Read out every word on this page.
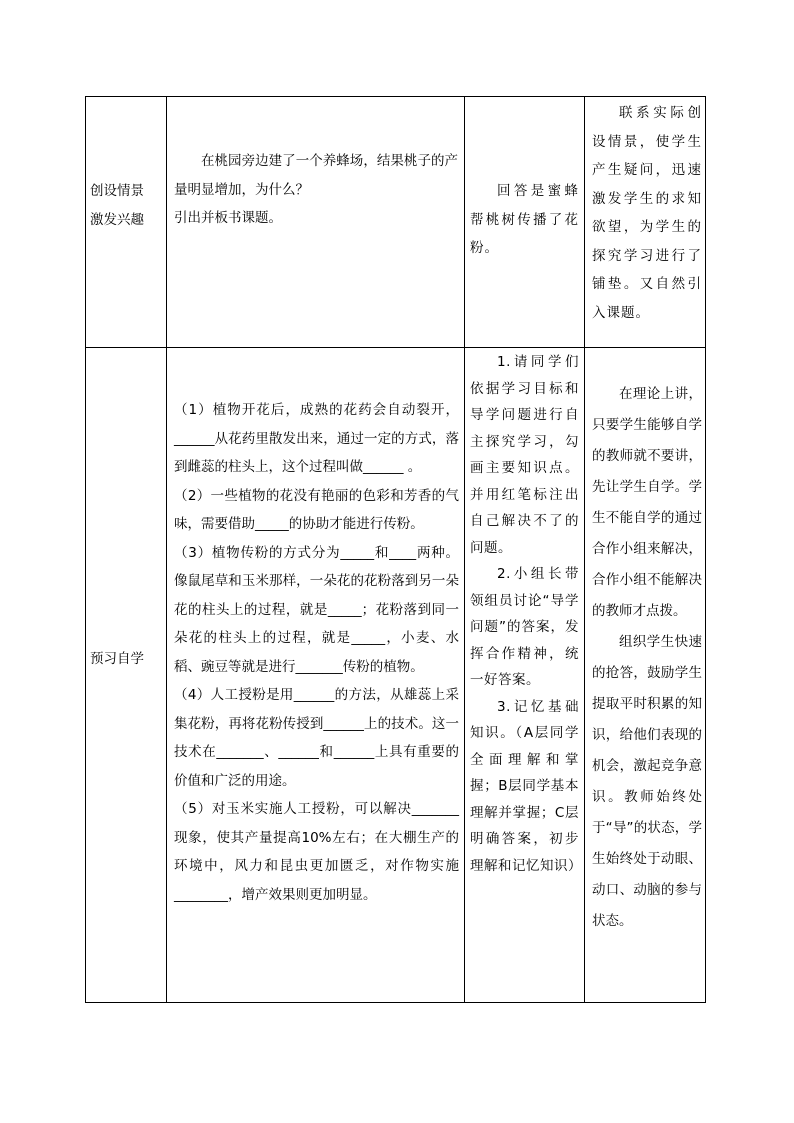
创设情景

激发兴趣

在桃园旁边建了一个养蜂场，结果桃子的产量明显增加，为什么？

引出并板书课题。

回答是蜜蜂帮桃树传播了花粉。

联系实际创设情景，使学生产生疑问，迅速激发学生的求知欲望，为学生的探究学习进行了铺垫。又自然引入课题。

预习自学

（1）植物开花后，成熟的花药会自动裂开，______从花药里散发出来，通过一定的方式，落到雌蕊的柱头上，这个过程叫做______ 。

（2）一些植物的花没有艳丽的色彩和芳香的气味，需要借助_____的协助才能进行传粉。

（3）植物传粉的方式分为_____和____两种。像鼠尾草和玉米那样，一朵花的花粉落到另一朵花的柱头上的过程，就是_____；花粉落到同一朵花的柱头上的过程，就是_____，小麦、水稻、豌豆等就是进行_______传粉的植物。

（4）人工授粉是用______的方法，从雄蕊上采集花粉，再将花粉传授到______上的技术。这一技术在_______、______和______上具有重要的价值和广泛的用途。

（5）对玉米实施人工授粉，可以解决_______现象，使其产量提高10%左右；在大棚生产的环境中，风力和昆虫更加匮乏，对作物实施________，增产效果则更加明显。

1.请同学们依据学习目标和导学问题进行自主探究学习，勾画主要知识点。并用红笔标注出自己解决不了的问题。

2.小组长带领组员讨论“导学问题”的答案，发挥合作精神，统一好答案。

3.记忆基础知识。（A层同学全面理解和掌握；B层同学基本理解并掌握；C层明确答案，初步理解和记忆知识）

在理论上讲，只要学生能够自学的教师就不要讲，先让学生自学。学生不能自学的通过合作小组来解决，合作小组不能解决的教师才点拨。

组织学生快速的抢答，鼓励学生提取平时积累的知识，给他们表现的机会，激起竞争意识。教师始终处于“导”的状态，学生始终处于动眼、动口、动脑的参与状态。
